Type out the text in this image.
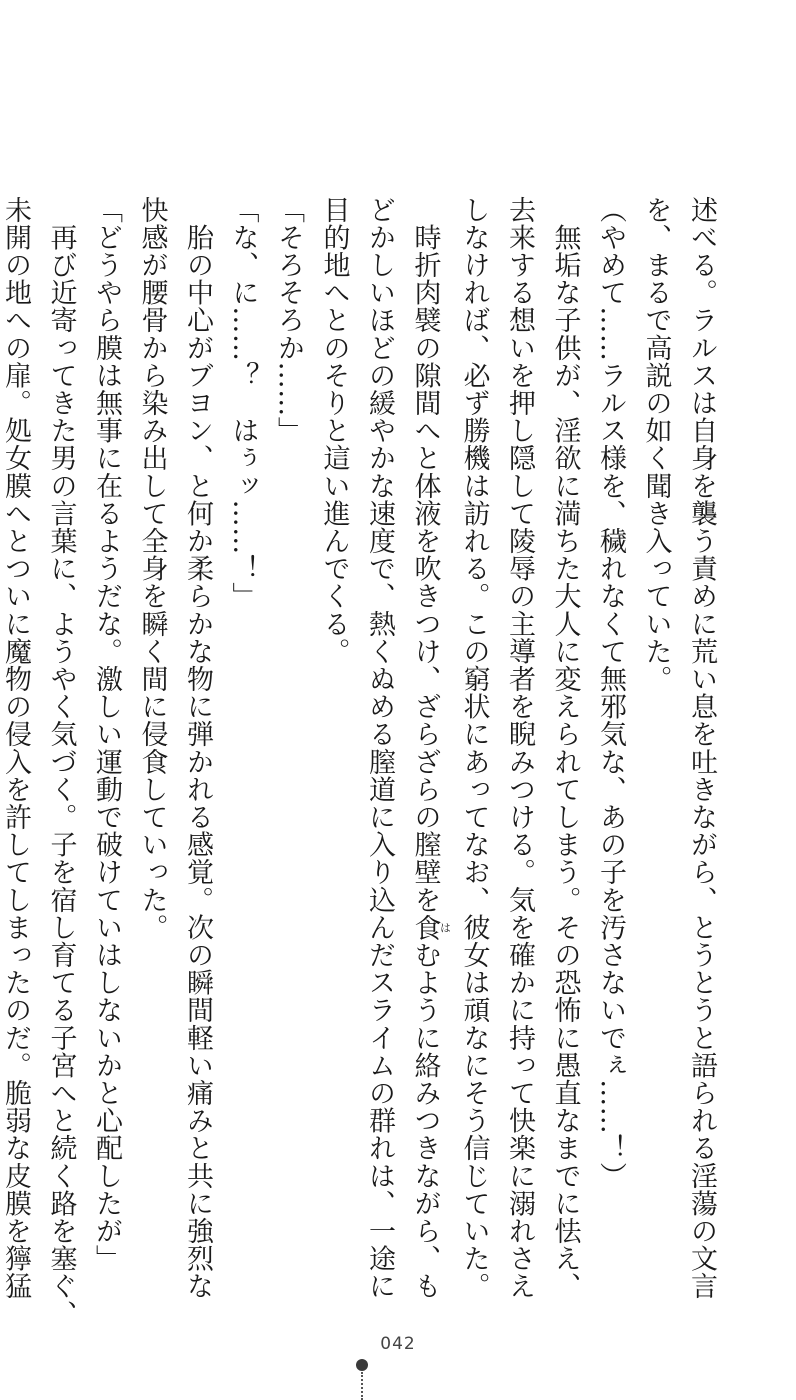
述べる。ラルスは自身を襲う責めに荒い息を吐きながら、とうとうと語られる淫蕩の文言
を、まるで高説の如く聞き入っていた。
（やめて……ラルス様を、穢れなくて無邪気な、あの子を汚さないでぇ……！）
　無垢な子供が、淫欲に満ちた大人に変えられてしまう。その恐怖に愚直なまでに怯え、
去来する想いを押し隠して陵辱の主導者を睨みつける。気を確かに持って快楽に溺れさえ
しなければ、必ず勝機は訪れる。この窮状にあってなお、彼女は頑なにそう信じていた。
　時折肉襞の隙間へと体液を吹きつけ、ざらざらの膣壁を食はむように絡みつきながら、も
どかしいほどの緩やかな速度で、熱くぬめる膣道に入り込んだスライムの群れは、一途に
目的地へとのそりと這い進んでくる。
「そろそろか……」
「な、に……？　はぅッ……！」
　胎の中心がブヨン、と何か柔らかな物に弾かれる感覚。次の瞬間軽い痛みと共に強烈な
快感が腰骨から染み出して全身を瞬く間に侵食していった。
「どうやら膜は無事に在るようだな。激しい運動で破けていはしないかと心配したが」
　再び近寄ってきた男の言葉に、ようやく気づく。子を宿し育てる子宮へと続く路を塞ぐ、
未開の地への扉。処女膜へとついに魔物の侵入を許してしまったのだ。脆弱な皮膜を獰猛
042
